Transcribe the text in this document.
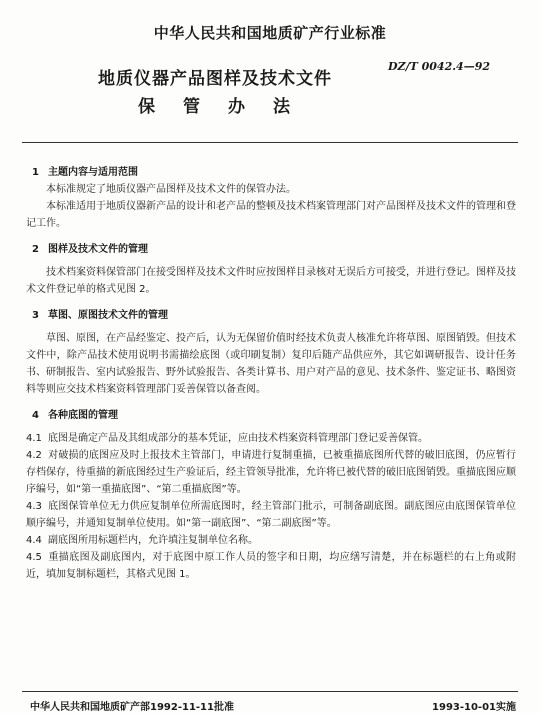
中华人民共和国地质矿产行业标准
DZ/T 0042.4—92
地质仪器产品图样及技术文件
保管办法

1 主题内容与适用范围

本标准规定了地质仪器产品图样及技术文件的保管办法。

本标准适用于地质仪器新产品的设计和老产品的整顿及技术档案管理部门对产品图样及技术文件的管理和登记工作。

2 图样及技术文件的管理

技术档案资料保管部门在接受图样及技术文件时应按图样目录核对无误后方可接受，并进行登记。图样及技术文件登记单的格式见图 2。

3 草图、原图技术文件的管理

草图、原图，在产品经鉴定、投产后，认为无保留价值时经技术负责人核准允许将草图、原图销毁。但技术文件中，除产品技术使用说明书需描绘底图（或印刷复制）复印后随产品供应外，其它如调研报告、设计任务书、研制报告、室内试验报告、野外试验报告、各类计算书、用户对产品的意见、技术条件、鉴定证书、略图资料等则应交技术档案资料管理部门妥善保管以备查阅。

4 各种底图的管理

4.1 底图是确定产品及其组成部分的基本凭证，应由技术档案资料管理部门登记妥善保管。

4.2 对破损的底图应及时上报技术主管部门，申请进行复制重描，已被重描底图所代替的破旧底图，仍应暂行存档保存，待重描的新底图经过生产验证后，经主管领导批准，允许将已被代替的破旧底图销毁。重描底图应顺序编号，如“第一重描底图”、“第二重描底图”等。

4.3 底图保管单位无力供应复制单位所需底图时，经主管部门批示，可制备副底图。副底图应由底图保管单位顺序编号，并通知复制单位使用。如“第一副底图”、“第二副底图”等。

4.4 副底图所用标题栏内，允许填注复制单位名称。

4.5 重描底图及副底图内，对于底图中原工作人员的签字和日期，均应缮写清楚，并在标题栏的右上角或附近，填加复制标题栏，其格式见图 1。

中华人民共和国地质矿产部1992-11-11批准	1993-10-01实施
